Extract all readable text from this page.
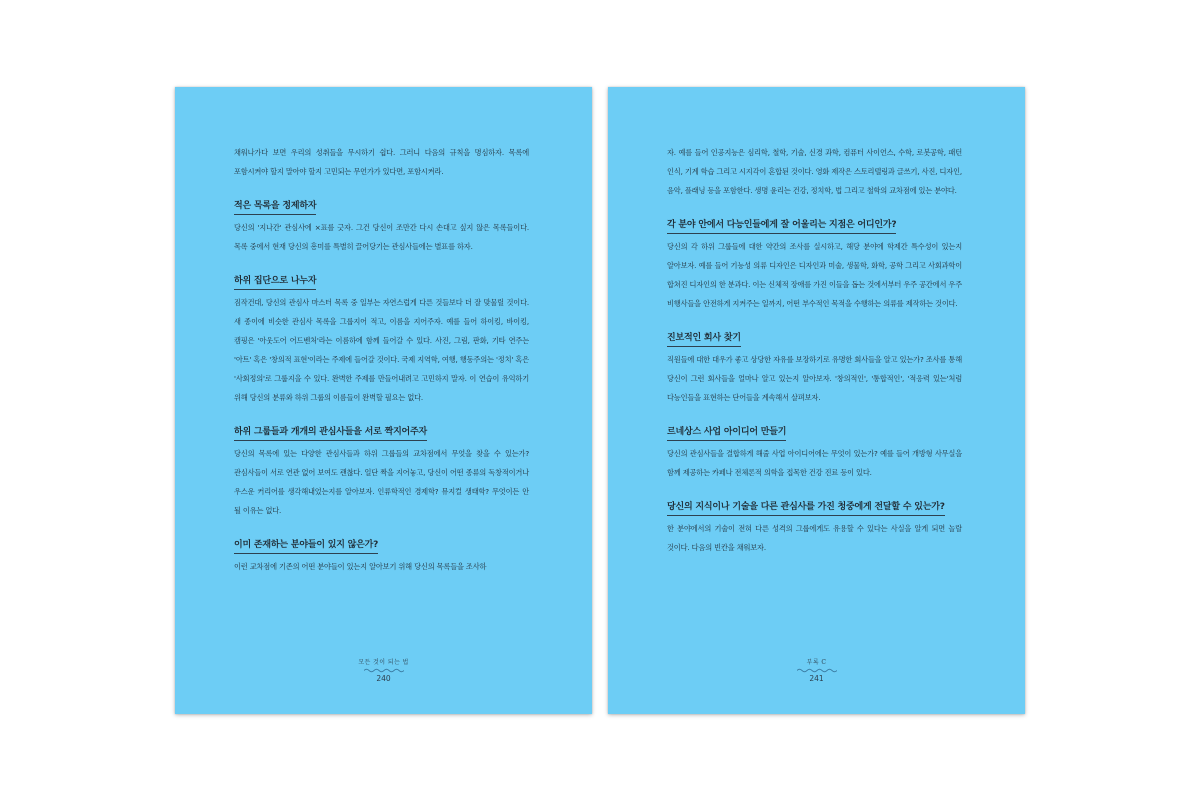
채워나가다 보면 우리의 성취들을 무시하기 쉽다. 그러니 다음의 규칙을 명심하자. 목록에 포함시켜야 할지 말아야 할지 고민되는 무언가가 있다면, 포함시켜라.

적은 목록을 정제하자

당신의 '지나간' 관심사에 ×표를 긋자. 그건 당신이 조만간 다시 손대고 싶지 않은 목록들이다. 목록 중에서 현재 당신의 흥미를 특별히 끌어당기는 관심사들에는 별표를 하자.

하위 집단으로 나누자

짐작건대, 당신의 관심사 마스터 목록 중 일부는 자연스럽게 다른 것들보다 더 잘 맞물릴 것이다. 새 종이에 비슷한 관심사 목록을 그룹지어 적고, 이름을 지어주자. 예를 들어 하이킹, 바이킹, 캠핑은 '아웃도어 어드벤처'라는 이름하에 함께 들어갈 수 있다. 사진, 그림, 판화, 기타 연주는 '아트' 혹은 '창의적 표현'이라는 주제에 들어갈 것이다. 국제 지역학, 여행, 행동주의는 '정치' 혹은 '사회정의'로 그룹지을 수 있다. 완벽한 주제를 만들어내려고 고민하지 말자. 이 연습이 유익하기 위해 당신의 분류와 하위 그룹의 이름들이 완벽할 필요는 없다.

하위 그룹들과 개개의 관심사들을 서로 짝지어주자

당신의 목록에 있는 다양한 관심사들과 하위 그룹들의 교차점에서 무엇을 찾을 수 있는가? 관심사들이 서로 연관 없어 보여도 괜찮다. 일단 짝을 지어놓고, 당신이 어떤 종류의 독창적이거나 우스운 커리어를 생각해내었는지를 알아보자. 인류학적인 경제학? 뮤지컬 생태학? 무엇이든 안 될 이유는 없다.

이미 존재하는 분야들이 있지 않은가?

이런 교차점에 기존의 어떤 분야들이 있는지 알아보기 위해 당신의 목록들을 조사하

모든 것이 되는 법
240

자. 예를 들어 인공지능은 심리학, 철학, 기술, 신경 과학, 컴퓨터 사이언스, 수학, 로봇공학, 패턴 인식, 기계 학습 그리고 시지각이 혼합된 것이다. 영화 제작은 스토리텔링과 글쓰기, 사진, 디자인, 음악, 플래닝 등을 포함한다. 생명 윤리는 건강, 정치학, 법 그리고 철학의 교차점에 있는 분야다.

각 분야 안에서 다능인들에게 잘 어울리는 지점은 어디인가?

당신의 각 하위 그룹들에 대한 약간의 조사를 실시하고, 해당 분야에 학제간 특수성이 있는지 알아보자. 예를 들어 기능성 의류 디자인은 디자인과 미술, 생물학, 화학, 공학 그리고 사회과학이 합쳐진 디자인의 한 분과다. 이는 신체적 장애를 가진 이들을 돕는 것에서부터 우주 공간에서 우주 비행사들을 안전하게 지켜주는 일까지, 어떤 부수적인 목적을 수행하는 의류를 제작하는 것이다.

진보적인 회사 찾기

직원들에 대한 대우가 좋고 상당한 자유를 보장하기로 유명한 회사들을 알고 있는가? 조사를 통해 당신이 그런 회사들을 얼마나 알고 있는지 알아보자. '창의적인', '통합적인', '적응력 있는'처럼 다능인들을 표현하는 단어들을 계속해서 살펴보자.

르네상스 사업 아이디어 만들기

당신의 관심사들을 결합하게 해줄 사업 아이디어에는 무엇이 있는가? 예를 들어 개방형 사무실을 함께 제공하는 카페나 전체론적 의학을 접목한 건강 진료 등이 있다.

당신의 지식이나 기술을 다른 관심사를 가진 청중에게 전달할 수 있는가?

한 분야에서의 기술이 전혀 다른 성격의 그룹에게도 유용할 수 있다는 사실을 알게 되면 놀랄 것이다. 다음의 빈칸을 채워보자.

부록 C
241
